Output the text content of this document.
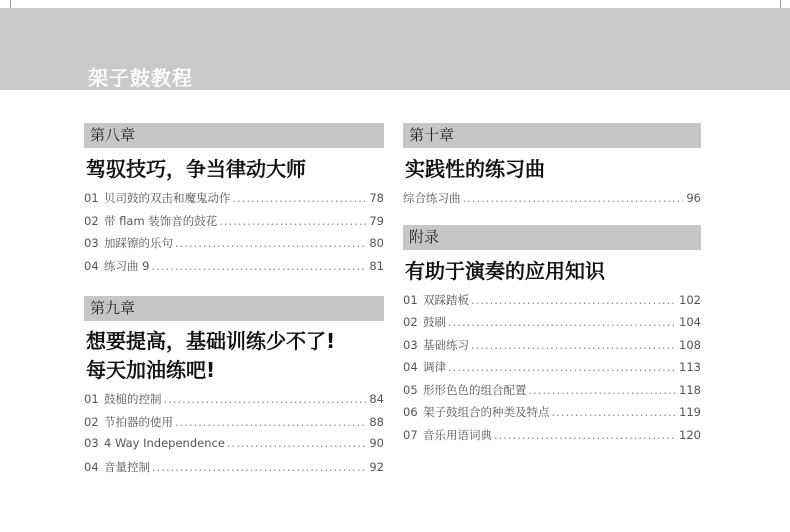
架子鼓教程
第八章
驾驭技巧，争当律动大师
01 贝司鼓的双击和魔鬼动作 .....	78
02 带 flam 装饰音的鼓花 .....	79
03 加踩镲的乐句 .....	80
04 练习曲 9 .....	81
第九章
想要提高，基础训练少不了!
每天加油练吧!
01 鼓槌的控制 .....	84
02 节拍器的使用 .....	88
03 4 Way Independence .....	90
04 音量控制 .....	92
第十章
实践性的练习曲
综合练习曲 .....	96
附录
有助于演奏的应用知识
01 双踩踏板 .....	102
02 鼓刷 .....	104
03 基础练习 .....	108
04 调律 .....	113
05 形形色色的组合配置 .....	118
06 架子鼓组合的种类及特点 .....	119
07 音乐用语词典 .....	120
